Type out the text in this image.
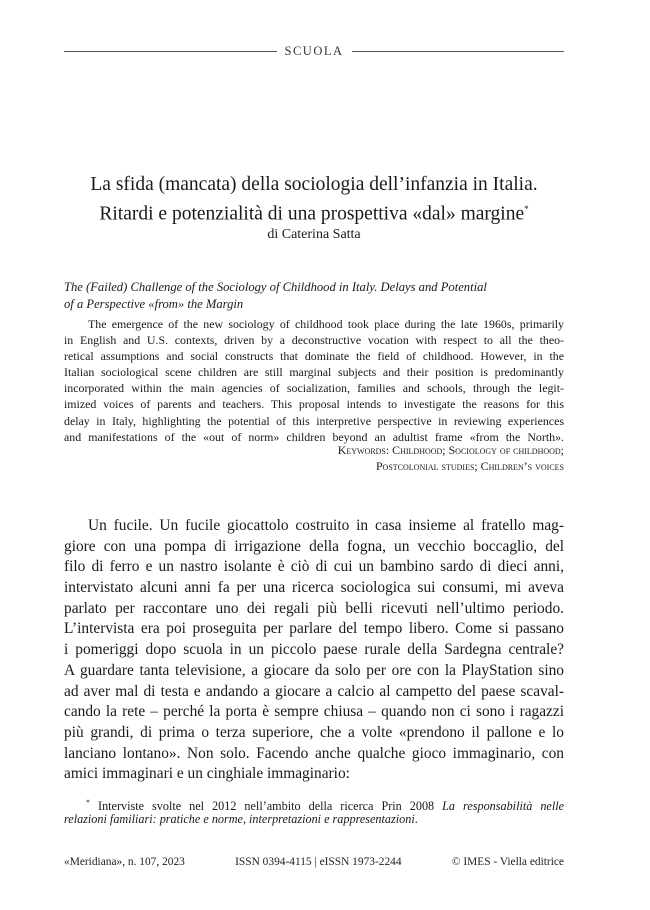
SCUOLA
La sfida (mancata) della sociologia dell’infanzia in Italia.
Ritardi e potenzialità di una prospettiva «dal» margine*
di Caterina Satta
The (Failed) Challenge of the Sociology of Childhood in Italy. Delays and Potential
of a Perspective «from» the Margin
The emergence of the new sociology of childhood took place during the late 1960s, primarily
in English and U.S. contexts, driven by a deconstructive vocation with respect to all the theo-
retical assumptions and social constructs that dominate the field of childhood. However, in the
Italian sociological scene children are still marginal subjects and their position is predominantly
incorporated within the main agencies of socialization, families and schools, through the legit-
imized voices of parents and teachers. This proposal intends to investigate the reasons for this
delay in Italy, highlighting the potential of this interpretive perspective in reviewing experiences
and manifestations of the «out of norm» children beyond an adultist frame «from the North».
Keywords: Childhood; Sociology of childhood;
Postcolonial studies; Children’s voices
Un fucile. Un fucile giocattolo costruito in casa insieme al fratello mag-
giore con una pompa di irrigazione della fogna, un vecchio boccaglio, del
filo di ferro e un nastro isolante è ciò di cui un bambino sardo di dieci anni,
intervistato alcuni anni fa per una ricerca sociologica sui consumi, mi aveva
parlato per raccontare uno dei regali più belli ricevuti nell’ultimo periodo.
L’intervista era poi proseguita per parlare del tempo libero. Come si passano
i pomeriggi dopo scuola in un piccolo paese rurale della Sardegna centrale?
A guardare tanta televisione, a giocare da solo per ore con la PlayStation sino
ad aver mal di testa e andando a giocare a calcio al campetto del paese scaval-
cando la rete – perché la porta è sempre chiusa – quando non ci sono i ragazzi
più grandi, di prima o terza superiore, che a volte «prendono il pallone e lo
lanciano lontano». Non solo. Facendo anche qualche gioco immaginario, con
amici immaginari e un cinghiale immaginario:
* Interviste svolte nel 2012 nell’ambito della ricerca Prin 2008 La responsabilità nelle
relazioni familiari: pratiche e norme, interpretazioni e rappresentazioni.
«Meridiana», n. 107, 2023	ISSN 0394-4115 | eISSN 1973-2244	© IMES - Viella editrice
